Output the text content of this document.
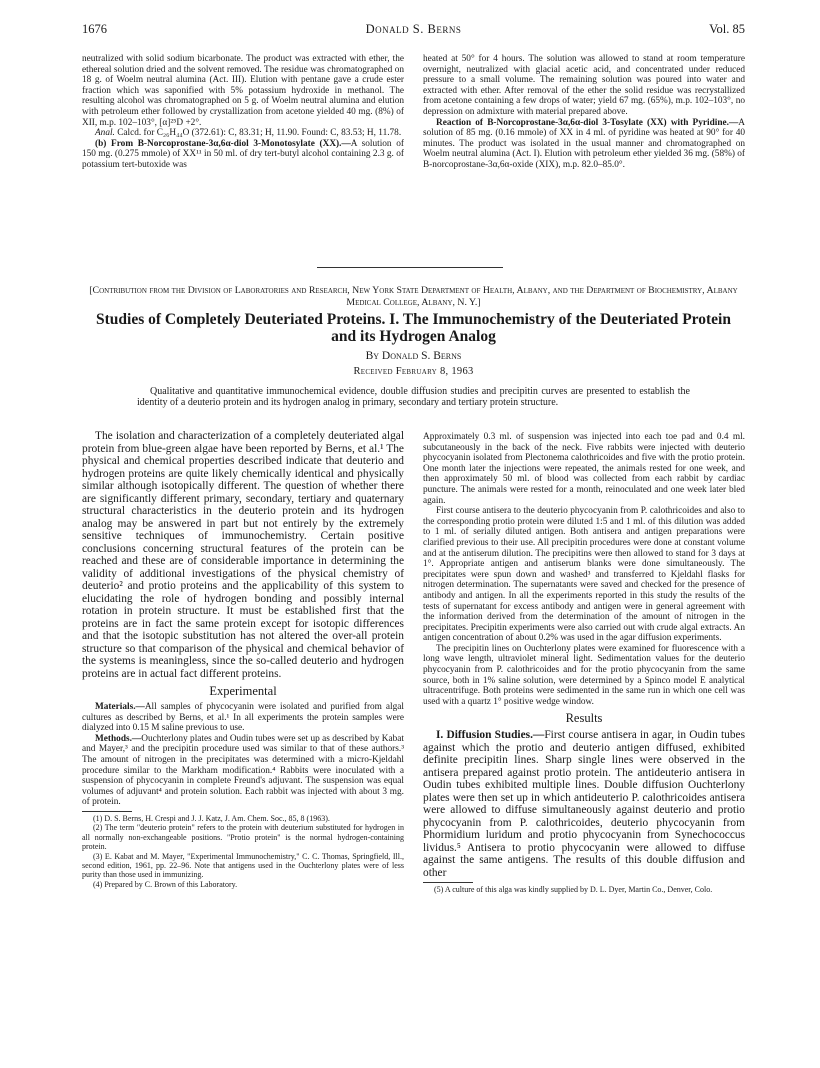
1676	Donald S. Berns	Vol. 85

neutralized with solid sodium bicarbonate. The product was extracted with ether, the ethereal solution dried and the solvent removed. The residue was chromatographed on 18 g. of Woelm neutral alumina (Act. III). Elution with pentane gave a crude ester fraction which was saponified with 5% potassium hydroxide in methanol. The resulting alcohol was chromatographed on 5 g. of Woelm neutral alumina and elution with petroleum ether followed by crystallization from acetone yielded 40 mg. (8%) of XII, m.p. 102–103°, [α]²⁵D +2°.

Anal. Calcd. for C₂₆H₄₄O (372.61): C, 83.31; H, 11.90. Found: C, 83.53; H, 11.78.

(b) From B-Norcoprostane-3α,6α-diol 3-Monotosylate (XX).—A solution of 150 mg. (0.275 mmole) of XX¹¹ in 50 ml. of dry tert-butyl alcohol containing 2.3 g. of potassium tert-butoxide was

heated at 50° for 4 hours. The solution was allowed to stand at room temperature overnight, neutralized with glacial acetic acid, and concentrated under reduced pressure to a small volume. The remaining solution was poured into water and extracted with ether. After removal of the ether the solid residue was recrystallized from acetone containing a few drops of water; yield 67 mg. (65%), m.p. 102–103°, no depression on admixture with material prepared above.

Reaction of B-Norcoprostane-3α,6α-diol 3-Tosylate (XX) with Pyridine.—A solution of 85 mg. (0.16 mmole) of XX in 4 ml. of pyridine was heated at 90° for 40 minutes. The product was isolated in the usual manner and chromatographed on Woelm neutral alumina (Act. I). Elution with petroleum ether yielded 36 mg. (58%) of B-norcoprostane-3α,6α-oxide (XIX), m.p. 82.0–85.0°.

[Contribution from the Division of Laboratories and Research, New York State Department of Health, Albany, and the Department of Biochemistry, Albany Medical College, Albany, N. Y.]
Studies of Completely Deuteriated Proteins. I. The Immunochemistry of the Deuteriated Protein and its Hydrogen Analog
By Donald S. Berns
Received February 8, 1963
Qualitative and quantitative immunochemical evidence, double diffusion studies and precipitin curves are presented to establish the identity of a deuterio protein and its hydrogen analog in primary, secondary and tertiary protein structure.

The isolation and characterization of a completely deuteriated algal protein from blue-green algae have been reported by Berns, et al.¹ The physical and chemical properties described indicate that deuterio and hydrogen proteins are quite likely chemically identical and physically similar although isotopically different. The question of whether there are significantly different primary, secondary, tertiary and quaternary structural characteristics in the deuterio protein and its hydrogen analog may be answered in part but not entirely by the extremely sensitive techniques of immunochemistry. Certain positive conclusions concerning structural features of the protein can be reached and these are of considerable importance in determining the validity of additional investigations of the physical chemistry of deuterio² and protio proteins and the applicability of this system to elucidating the role of hydrogen bonding and possibly internal rotation in protein structure. It must be established first that the proteins are in fact the same protein except for isotopic differences and that the isotopic substitution has not altered the over-all protein structure so that comparison of the physical and chemical behavior of the systems is meaningless, since the so-called deuterio and hydrogen proteins are in actual fact different proteins.

Experimental

Materials.—All samples of phycocyanin were isolated and purified from algal cultures as described by Berns, et al.¹ In all experiments the protein samples were dialyzed into 0.15 M saline previous to use.

Methods.—Ouchterlony plates and Oudin tubes were set up as described by Kabat and Mayer,³ and the precipitin procedure used was similar to that of these authors.³ The amount of nitrogen in the precipitates was determined with a micro-Kjeldahl procedure similar to the Markham modification.⁴ Rabbits were inoculated with a suspension of phycocyanin in complete Freund's adjuvant. The suspension was equal volumes of adjuvant⁴ and protein solution. Each rabbit was injected with about 3 mg. of protein.

(1) D. S. Berns, H. Crespi and J. J. Katz, J. Am. Chem. Soc., 85, 8 (1963).

(2) The term "deuterio protein" refers to the protein with deuterium substituted for hydrogen in all normally non-exchangeable positions. "Protio protein" is the normal hydrogen-containing protein.

(3) E. Kabat and M. Mayer, "Experimental Immunochemistry," C. C. Thomas, Springfield, Ill., second edition, 1961, pp. 22–96. Note that antigens used in the Ouchterlony plates were of less purity than those used in immunizing.

(4) Prepared by C. Brown of this Laboratory.

Approximately 0.3 ml. of suspension was injected into each toe pad and 0.4 ml. subcutaneously in the back of the neck. Five rabbits were injected with deuterio phycocyanin isolated from Plectonema calothricoides and five with the protio protein. One month later the injections were repeated, the animals rested for one week, and then approximately 50 ml. of blood was collected from each rabbit by cardiac puncture. The animals were rested for a month, reinoculated and one week later bled again.

First course antisera to the deuterio phycocyanin from P. calothricoides and also to the corresponding protio protein were diluted 1:5 and 1 ml. of this dilution was added to 1 ml. of serially diluted antigen. Both antisera and antigen preparations were clarified previous to their use. All precipitin procedures were done at constant volume and at the antiserum dilution. The precipitins were then allowed to stand for 3 days at 1°. Appropriate antigen and antiserum blanks were done simultaneously. The precipitates were spun down and washed³ and transferred to Kjeldahl flasks for nitrogen determination. The supernatants were saved and checked for the presence of antibody and antigen. In all the experiments reported in this study the results of the tests of supernatant for excess antibody and antigen were in general agreement with the information derived from the determination of the amount of nitrogen in the precipitates. Precipitin experiments were also carried out with crude algal extracts. An antigen concentration of about 0.2% was used in the agar diffusion experiments.

The precipitin lines on Ouchterlony plates were examined for fluorescence with a long wave length, ultraviolet mineral light. Sedimentation values for the deuterio phycocyanin from P. calothricoides and for the protio phycocyanin from the same source, both in 1% saline solution, were determined by a Spinco model E analytical ultracentrifuge. Both proteins were sedimented in the same run in which one cell was used with a quartz 1° positive wedge window.

Results

I. Diffusion Studies.—First course antisera in agar, in Oudin tubes against which the protio and deuterio antigen diffused, exhibited definite precipitin lines. Sharp single lines were observed in the antisera prepared against protio protein. The antideuterio antisera in Oudin tubes exhibited multiple lines. Double diffusion Ouchterlony plates were then set up in which antideuterio P. calothricoides antisera were allowed to diffuse simultaneously against deuterio and protio phycocyanin from P. calothricoides, deuterio phycocyanin from Phormidium luridum and protio phycocyanin from Synechococcus lividus.⁵ Antisera to protio phycocyanin were allowed to diffuse against the same antigens. The results of this double diffusion and other

(5) A culture of this alga was kindly supplied by D. L. Dyer, Martin Co., Denver, Colo.
